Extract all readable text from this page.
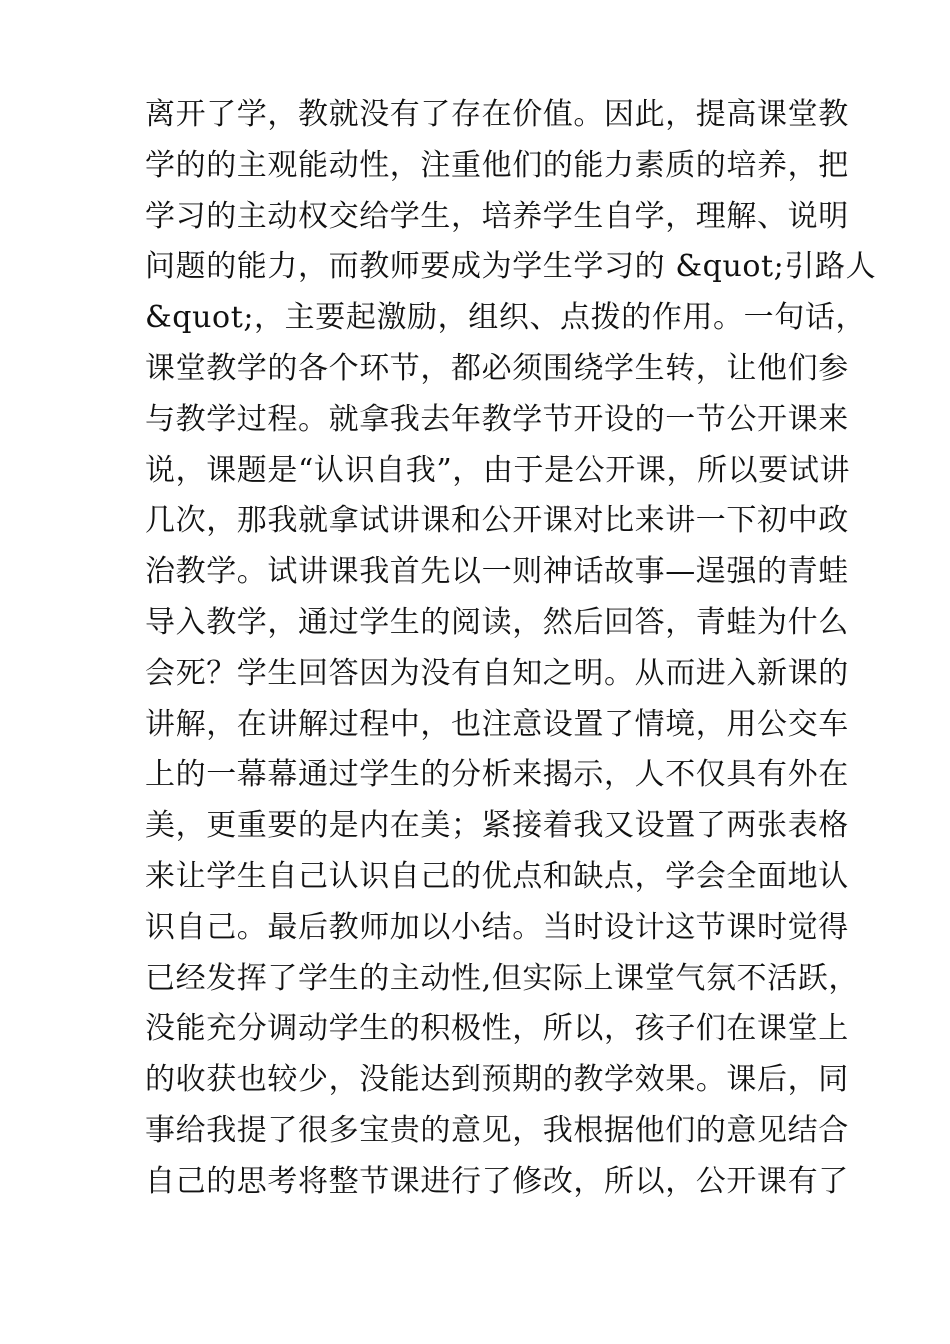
离开了学，教就没有了存在价值。因此，提高课堂教
学的的主观能动性，注重他们的能力素质的培养，把
学习的主动权交给学生，培养学生自学，理解、说明
问题的能力，而教师要成为学生学习的 &quot;引路人
&quot;，主要起激励，组织、点拨的作用。一句话，
课堂教学的各个环节，都必须围绕学生转，让他们参
与教学过程。就拿我去年教学节开设的一节公开课来
说，课题是“认识自我”，由于是公开课，所以要试讲
几次，那我就拿试讲课和公开课对比来讲一下初中政
治教学。试讲课我首先以一则神话故事—逞强的青蛙
导入教学，通过学生的阅读，然后回答，青蛙为什么
会死？学生回答因为没有自知之明。从而进入新课的
讲解，在讲解过程中，也注意设置了情境，用公交车
上的一幕幕通过学生的分析来揭示，人不仅具有外在
美，更重要的是内在美；紧接着我又设置了两张表格
来让学生自己认识自己的优点和缺点，学会全面地认
识自己。最后教师加以小结。当时设计这节课时觉得
已经发挥了学生的主动性,但实际上课堂气氛不活跃，
没能充分调动学生的积极性，所以，孩子们在课堂上
的收获也较少，没能达到预期的教学效果。课后，同
事给我提了很多宝贵的意见，我根据他们的意见结合
自己的思考将整节课进行了修改，所以，公开课有了
